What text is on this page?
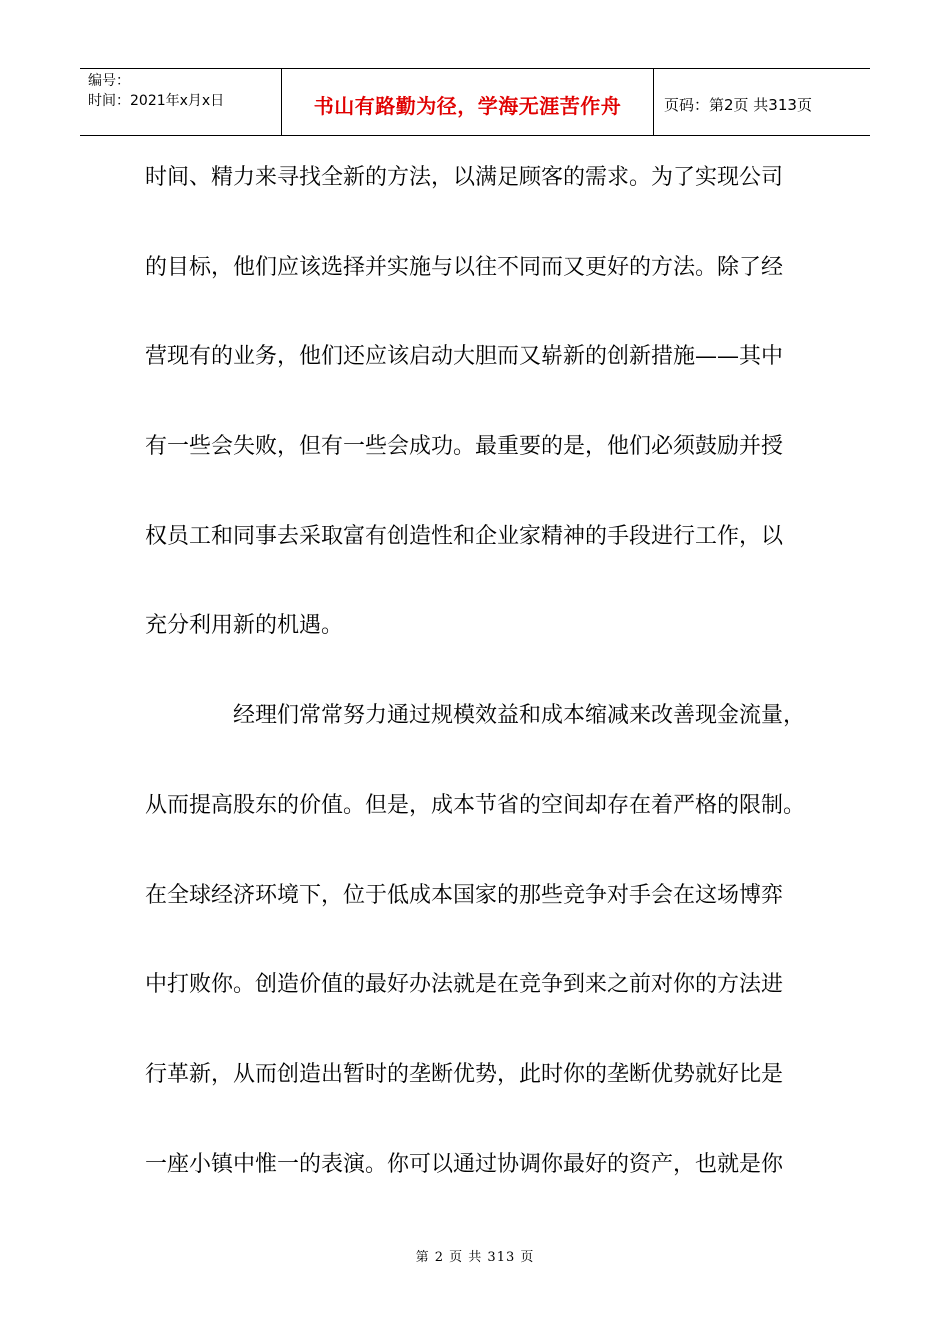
编号：
时间：2021年x月x日	书山有路勤为径，学海无涯苦作舟	页码：第2页 共313页
时间、精力来寻找全新的方法，以满足顾客的需求。为了实现公司
的目标，他们应该选择并实施与以往不同而又更好的方法。除了经
营现有的业务，他们还应该启动大胆而又崭新的创新措施——其中
有一些会失败，但有一些会成功。最重要的是，他们必须鼓励并授
权员工和同事去采取富有创造性和企业家精神的手段进行工作，以
充分利用新的机遇。
经理们常常努力通过规模效益和成本缩减来改善现金流量，
从而提高股东的价值。但是，成本节省的空间却存在着严格的限制。
在全球经济环境下，位于低成本国家的那些竞争对手会在这场博弈
中打败你。创造价值的最好办法就是在竞争到来之前对你的方法进
行革新，从而创造出暂时的垄断优势，此时你的垄断优势就好比是
一座小镇中惟一的表演。你可以通过协调你最好的资产，也就是你
第 2 页 共 313 页
